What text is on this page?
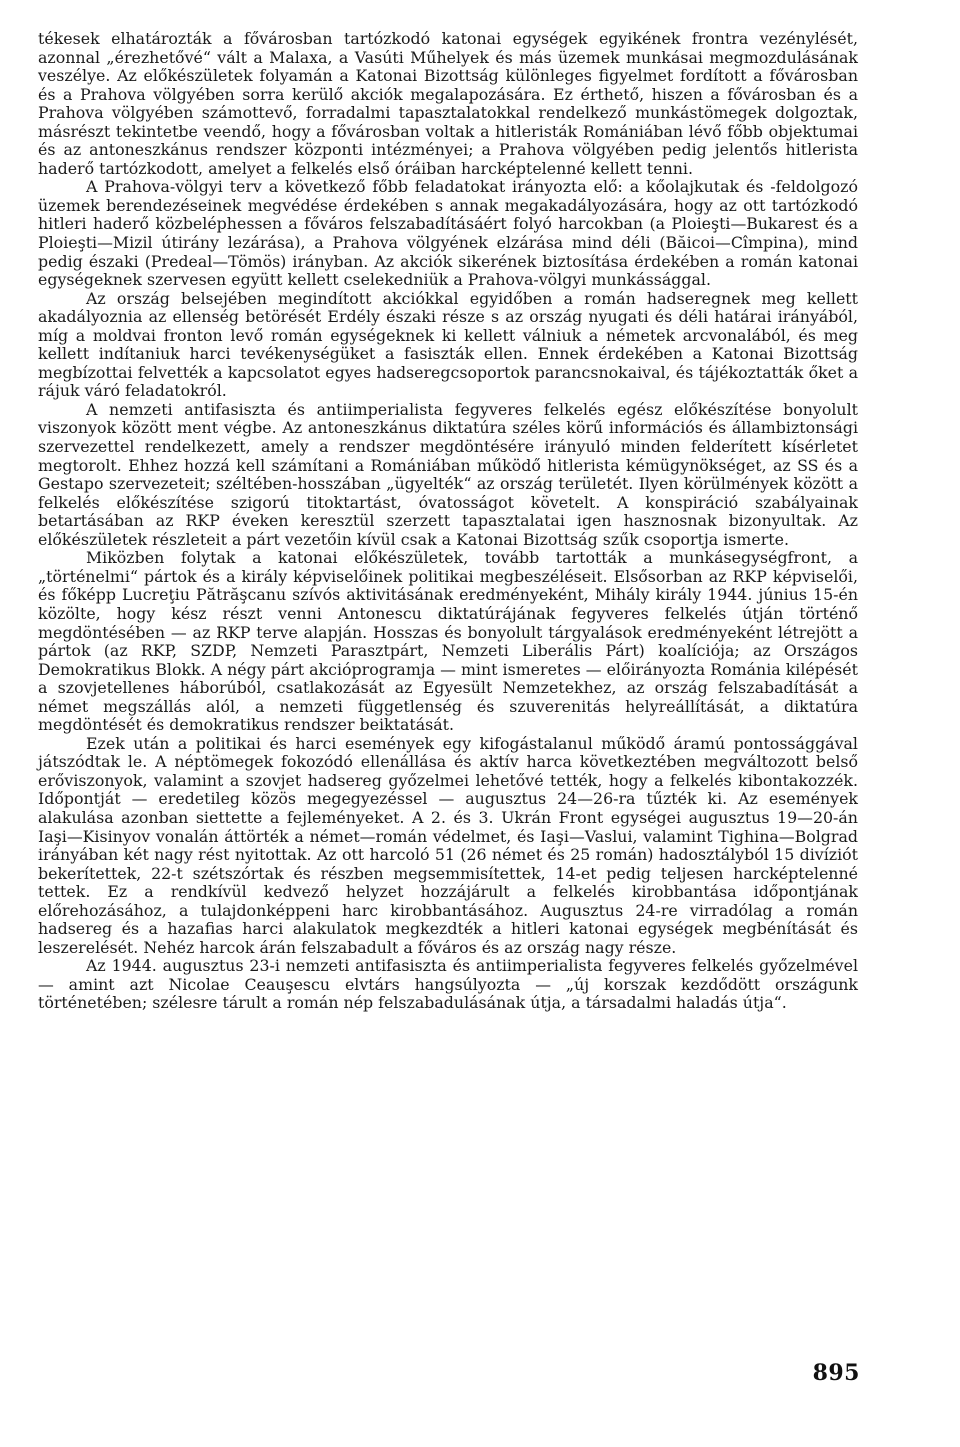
tékesek elhatározták a fővárosban tartózkodó katonai egységek egyikének frontra vezénylését, azonnal „érezhetővé“ vált a Malaxa, a Vasúti Műhelyek és más üzemek munkásai megmozdulásának veszélye. Az előkészületek folyamán a Katonai Bizottság különleges figyelmet fordított a fővárosban és a Prahova völgyében sorra kerülő akciók megalapozására. Ez érthető, hiszen a fővárosban és a Prahova völgyében számottevő, forradalmi tapasztalatokkal rendelkező munkástömegek dolgoztak, másrészt tekintetbe veendő, hogy a fővárosban voltak a hitleristák Romániában lévő főbb objektumai és az antoneszkánus rendszer központi intézményei; a Prahova völgyében pedig jelentős hitlerista haderő tartózkodott, amelyet a felkelés első óráiban harcképtelenné kellett tenni.

A Prahova-völgyi terv a következő főbb feladatokat irányozta elő: a kőolajkutak és -feldolgozó üzemek berendezéseinek megvédése érdekében s annak megakadályozására, hogy az ott tartózkodó hitleri haderő közbeléphessen a főváros felszabadításáért folyó harcokban (a Ploieşti—Bukarest és a Ploieşti—Mizil útirány lezárása), a Prahova völgyének elzárása mind déli (Băicoi—Cîmpina), mind pedig északi (Predeal—Tömös) irányban. Az akciók sikerének biztosítása érdekében a román katonai egységeknek szervesen együtt kellett cselekedniük a Prahova-völgyi munkássággal.

Az ország belsejében megindított akciókkal egyidőben a román hadseregnek meg kellett akadályoznia az ellenség betörését Erdély északi része s az ország nyugati és déli határai irányából, míg a moldvai fronton levő román egységeknek ki kellett válniuk a németek arcvonalából, és meg kellett indítaniuk harci tevékenységüket a fasiszták ellen. Ennek érdekében a Katonai Bizottság megbízottai felvették a kapcsolatot egyes hadseregcsoportok parancsnokaival, és tájékoztatták őket a rájuk váró feladatokról.

A nemzeti antifasiszta és antiimperialista fegyveres felkelés egész előkészítése bonyolult viszonyok között ment végbe. Az antoneszkánus diktatúra széles körű információs és állambiztonsági szervezettel rendelkezett, amely a rendszer megdöntésére irányuló minden felderített kísérletet megtorolt. Ehhez hozzá kell számítani a Romániában működő hitlerista kémügynökséget, az SS és a Gestapo szervezeteit; széltében-hosszában „ügyelték“ az ország területét. Ilyen körülmények között a felkelés előkészítése szigorú titoktartást, óvatosságot követelt. A konspiráció szabályainak betartásában az RKP éveken keresztül szerzett tapasztalatai igen hasznosnak bizonyultak. Az előkészületek részleteit a párt vezetőin kívül csak a Katonai Bizottság szűk csoportja ismerte.

Miközben folytak a katonai előkészületek, tovább tartották a munkásegységfront, a „történelmi“ pártok és a király képviselőinek politikai megbeszéléseit. Elsősorban az RKP képviselői, és főképp Lucreţiu Pătrăşcanu szívós aktivitásának eredményeként, Mihály király 1944. június 15-én közölte, hogy kész részt venni Antonescu diktatúrájának fegyveres felkelés útján történő megdöntésében — az RKP terve alapján. Hosszas és bonyolult tárgyalások eredményeként létrejött a pártok (az RKP, SZDP, Nemzeti Parasztpárt, Nemzeti Liberális Párt) koalíciója; az Országos Demokratikus Blokk. A négy párt akcióprogramja — mint ismeretes — előirányozta Románia kilépését a szovjetellenes háborúból, csatlakozását az Egyesült Nemzetekhez, az ország felszabadítását a német megszállás alól, a nemzeti függetlenség és szuverenitás helyreállítását, a diktatúra megdöntését és demokratikus rendszer beiktatását.

Ezek után a politikai és harci események egy kifogástalanul működő áramú pontossággával játszódtak le. A néptömegek fokozódó ellenállása és aktív harca következtében megváltozott belső erőviszonyok, valamint a szovjet hadsereg győzelmei lehetővé tették, hogy a felkelés kibontakozzék. Időpontját — eredetileg közös megegyezéssel — augusztus 24—26-ra tűzték ki. Az események alakulása azonban siettette a fejleményeket. A 2. és 3. Ukrán Front egységei augusztus 19—20-án Iaşi—Kisinyov vonalán áttörték a német—román védelmet, és Iaşi—Vaslui, valamint Tighina—Bolgrad irányában két nagy rést nyitottak. Az ott harcoló 51 (26 német és 25 román) hadosztályból 15 divíziót bekerítettek, 22-t szétszórtak és részben megsemmisítettek, 14-et pedig teljesen harcképtelenné tettek. Ez a rendkívül kedvező helyzet hozzájárult a felkelés kirobbantása időpontjának előrehozásához, a tulajdonképpeni harc kirobbantásához. Augusztus 24-re virradólag a román hadsereg és a hazafias harci alakulatok megkezdték a hitleri katonai egységek megbénítását és leszerelését. Nehéz harcok árán felszabadult a főváros és az ország nagy része.

Az 1944. augusztus 23-i nemzeti antifasiszta és antiimperialista fegyveres felkelés győzelmével — amint azt Nicolae Ceauşescu elvtárs hangsúlyozta — „új korszak kezdődött országunk történetében; szélesre tárult a román nép felszabadulásának útja, a társadalmi haladás útja“.

895
